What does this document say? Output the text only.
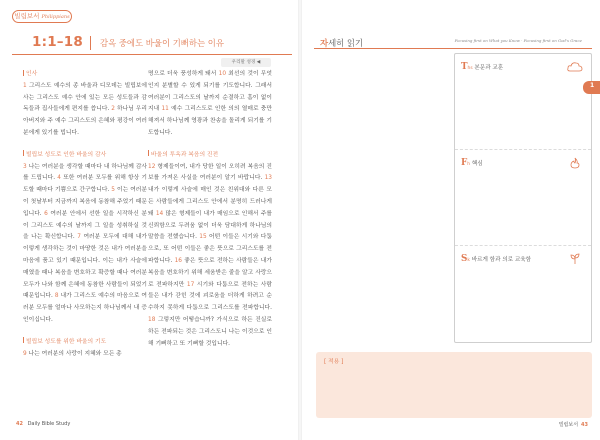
빌립보서 Philippians
1:1–18 감옥 중에도 바울이 기뻐하는 이유
우리말 성경 ◀
인사

1 그리스도 예수의 종 바울과 디모데는 빌립보에 사는 그리스도 예수 안에 있는 모든 성도들과 감독들과 집사들에게 편지를 씁니다. 2 하나님 우리 아버지와 주 예수 그리스도의 은혜와 평강이 여러분에게 있기를 빕니다.

빌립보 성도로 인한 바울의 감사

3 나는 여러분을 생각할 때마다 내 하나님께 감사를 드립니다. 4 또한 여러분 모두를 위해 항상 기도할 때마다 기쁨으로 간구합니다. 5 이는 여러분이 첫날부터 지금까지 복음에 동참해 주었기 때문입니다. 6 여러분 안에서 선한 일을 시작하신 분이 그리스도 예수의 날까지 그 일을 성취하실 것을 나는 확신합니다. 7 여러분 모두에 대해 내가 이렇게 생각하는 것이 마땅한 것은 내가 여러분을 마음에 품고 있기 때문입니다. 이는 내가 사슬에 매였을 때나 복음을 변호하고 확증할 때나 여러분 모두가 나와 함께 은혜에 동참한 사람들이 되었기 때문입니다. 8 내가 그리스도 예수의 마음으로 여러분 모두를 얼마나 사모하는지 하나님께서 내 증인이십니다.

빌립보 성도를 위한 바울의 기도

9 나는 여러분의 사랑이 지혜와 모든 총

명으로 더욱 풍성하게 돼서 10 최선의 것이 무엇인지 분별할 수 있게 되기를 기도합니다. 그래서 여러분이 그리스도의 날까지 순결하고 흠이 없이 지내 11 예수 그리스도로 인한 의의 열매로 충만해져서 하나님께 영광과 찬송을 돌리게 되기를 기도합니다.

바울의 투옥과 복음의 진전

12 형제들이여, 내가 당한 일이 오히려 복음의 진보를 가져온 사실을 여러분이 알기 바랍니다. 13 내가 이렇게 사슬에 매인 것은 친위대와 다른 모든 사람들에게 그리스도 안에서 분명히 드러나게 돼 14 많은 형제들이 내가 매임으로 인해서 주를 신뢰함으로 두려움 없이 더욱 담대하게 하나님의 말씀을 전했습니다. 15 어떤 이들은 시기와 다툼으로, 또 어떤 이들은 좋은 뜻으로 그리스도를 전파합니다. 16 좋은 뜻으로 전하는 사람들은 내가 복음을 변호하기 위해 세움받은 줄을 알고 사랑으로 전파하지만 17 시기와 다툼으로 전하는 사람들은 내가 갇힌 것에 괴로움을 더하게 하려고 순수하지 못하게 다툼으로 그리스도를 전파합니다. 18 그렇지만 어떻습니까? 가식으로 하든 진실로 하든 전파되는 것은 그리스도니 나는 이것으로 인해 기뻐하고 또 기뻐할 것입니다.

42 Daily Bible Study
자세히 읽기	Focusing first on What you Know · Focusing first on God's Grace
Ths 본문과 교훈
Fh 핵심
Sk 바르게 함과 의로 교육함
[ 적용 ]
빌립보서 43
1
